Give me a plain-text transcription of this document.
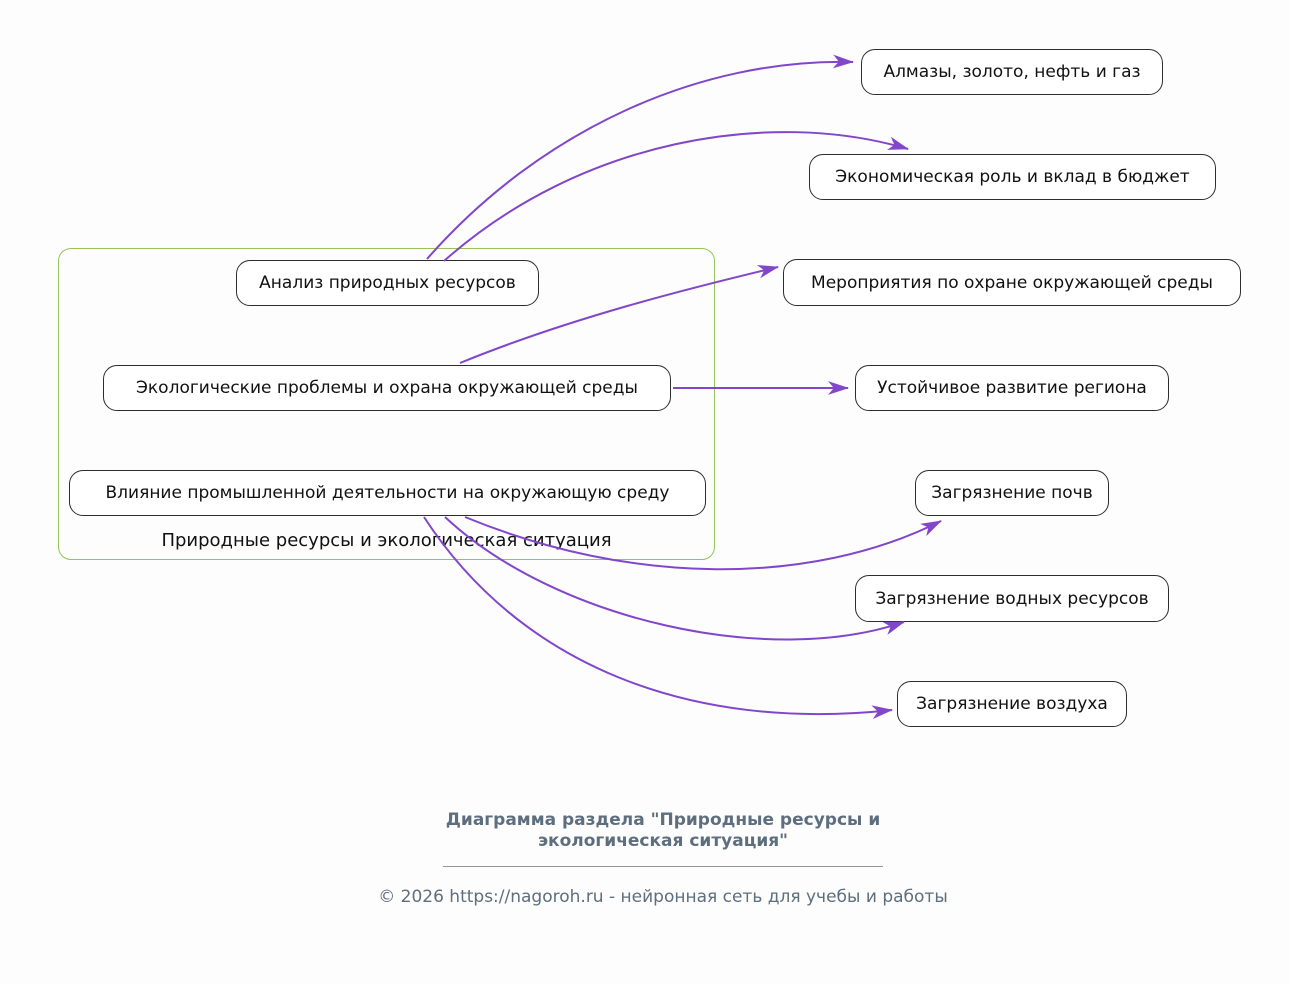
Природные ресурсы и экологическая ситуация
Анализ природных ресурсов
Экологические проблемы и охрана окружающей среды
Влияние промышленной деятельности на окружающую среду
Алмазы, золото, нефть и газ
Экономическая роль и вклад в бюджет
Мероприятия по охране окружающей среды
Устойчивое развитие региона
Загрязнение почв
Загрязнение водных ресурсов
Загрязнение воздуха
Диаграмма раздела "Природные ресурсы и
экологическая ситуация"
© 2026 https://nagoroh.ru - нейронная сеть для учебы и работы
